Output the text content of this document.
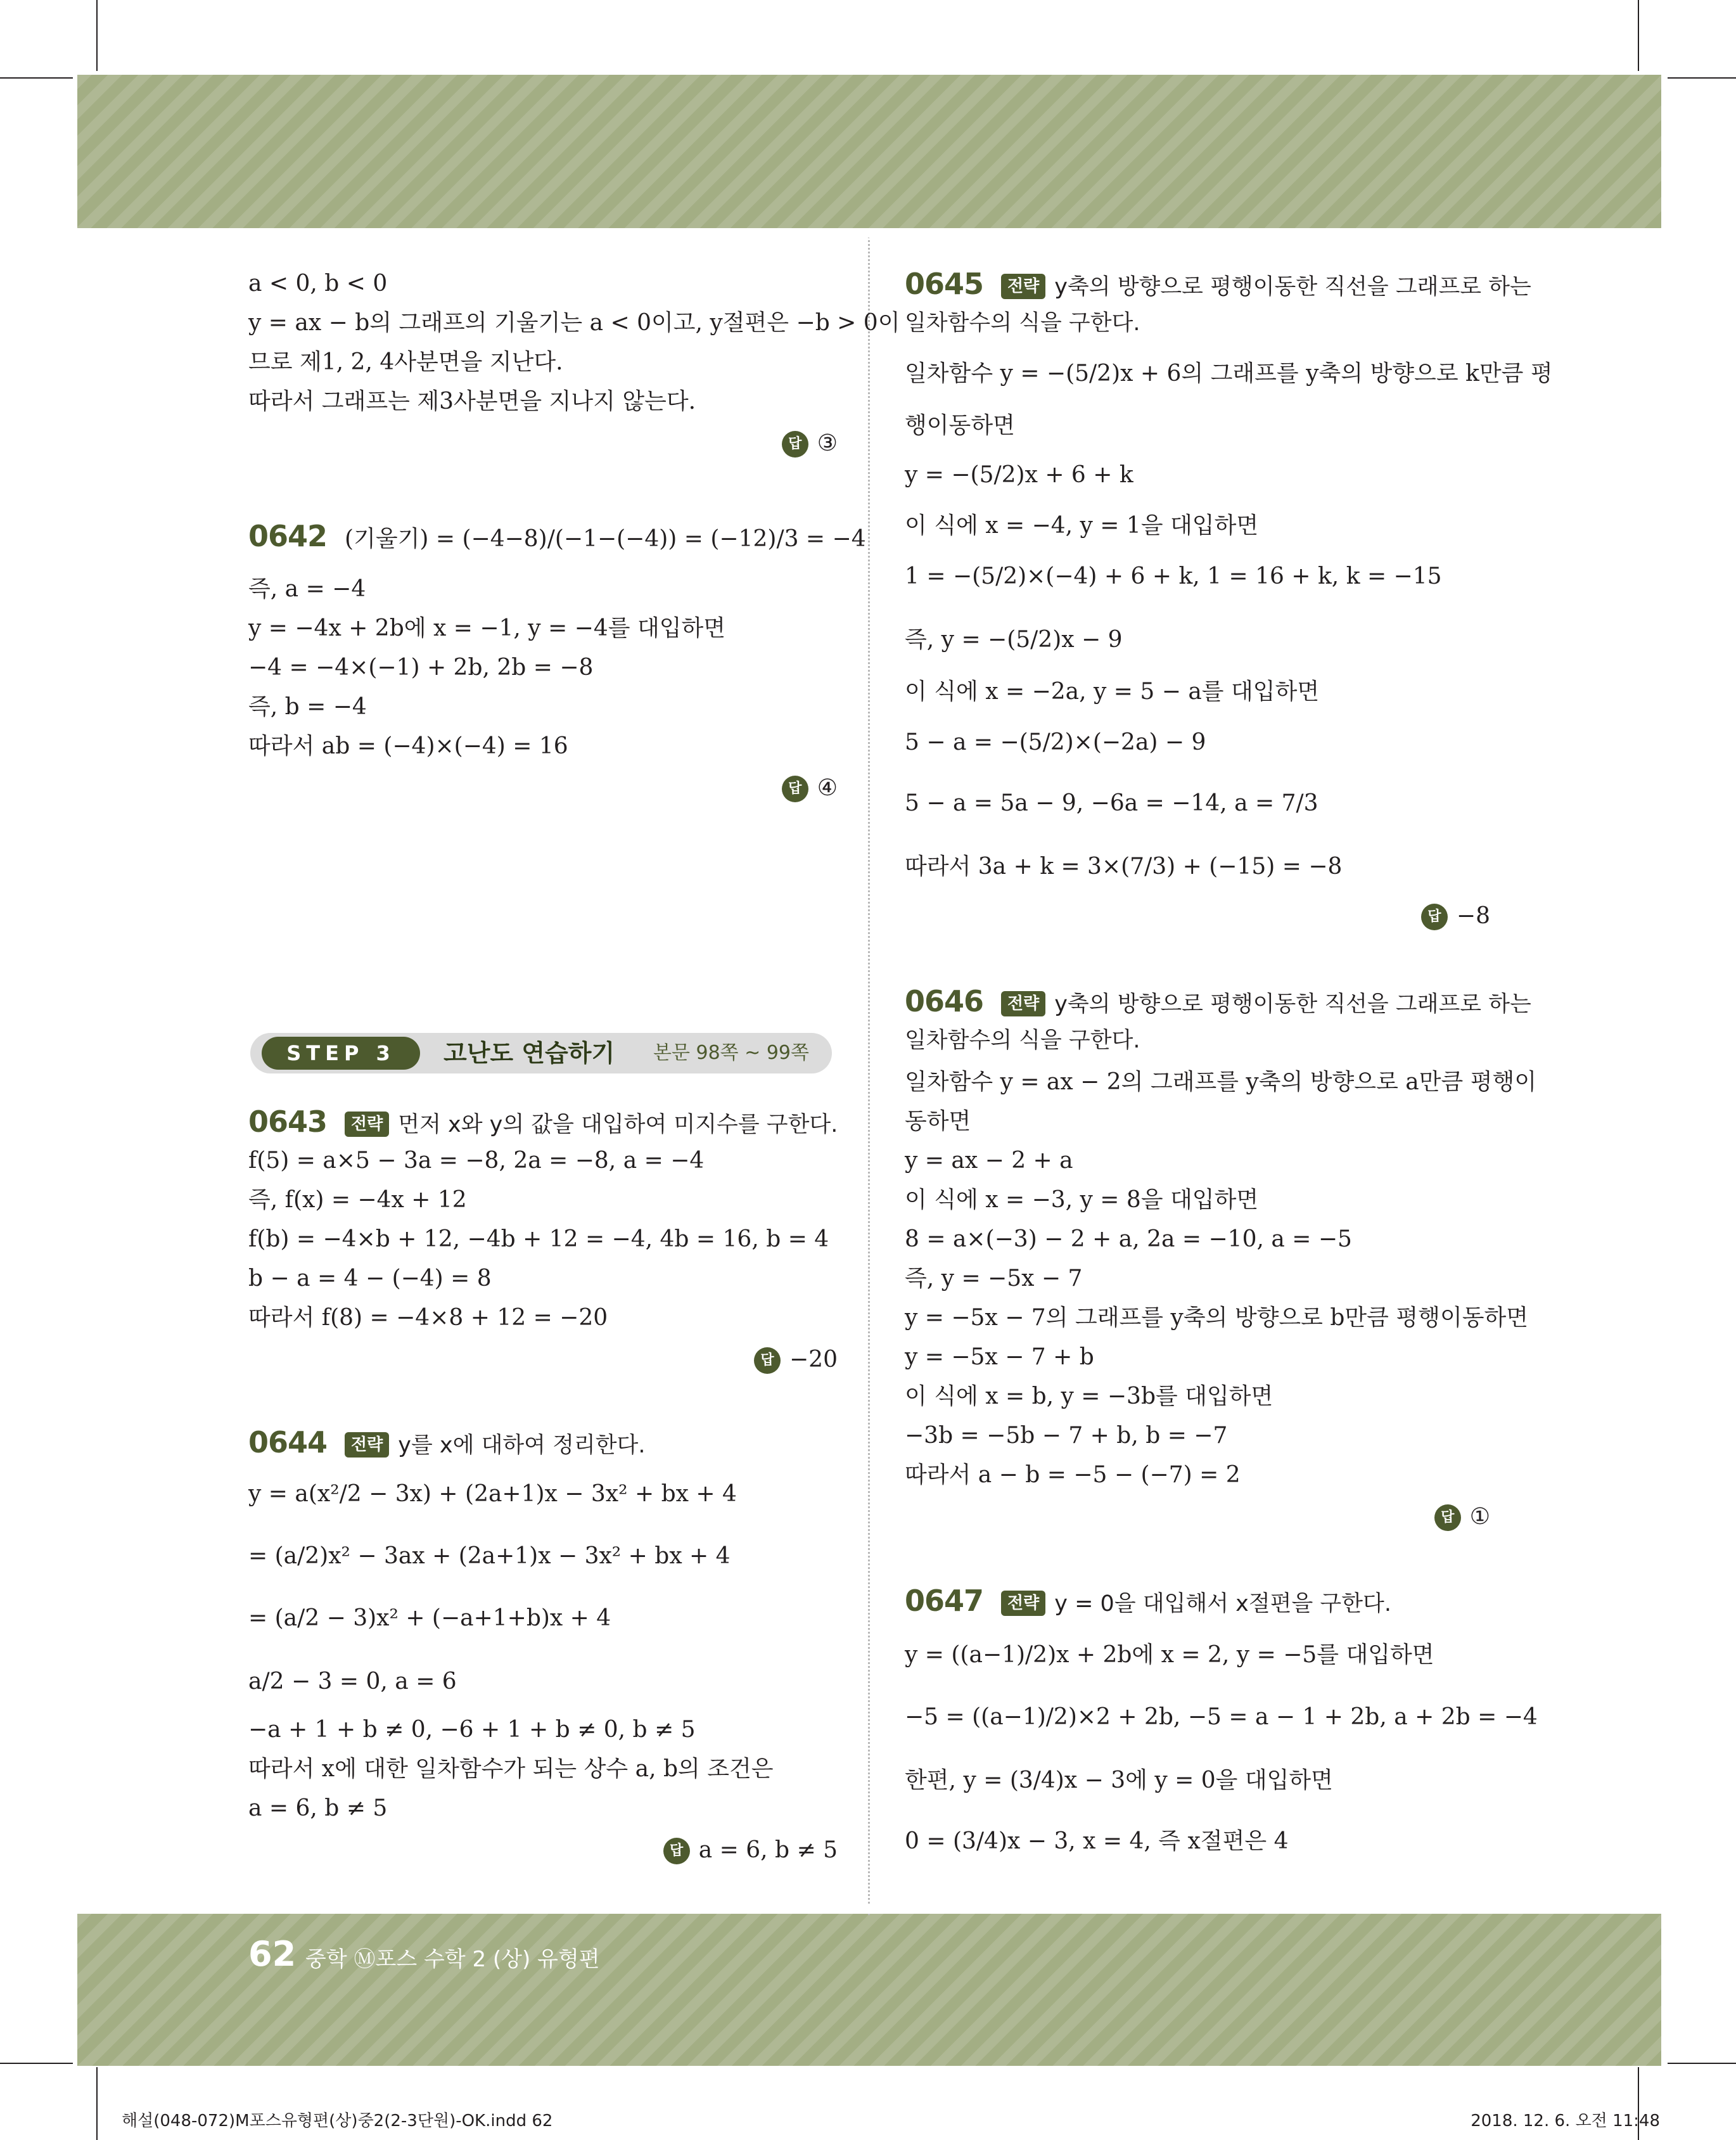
62 중학 Ⓜ포스 수학 2 (상) 유형편
a < 0, b < 0
y = ax − b의 그래프의 기울기는 a < 0이고, y절편은 −b > 0이
므로 제1, 2, 4사분면을 지난다.
따라서 그래프는 제3사분면을 지나지 않는다.
답 ③
0642 (기울기) = (−4−8)/(−1−(−4)) = (−12)/3 = −4
즉, a = −4
y = −4x + 2b에 x = −1, y = −4를 대입하면
−4 = −4×(−1) + 2b, 2b = −8
즉, b = −4
따라서 ab = (−4)×(−4) = 16
답 ④
0643 전략 먼저 x와 y의 값을 대입하여 미지수를 구한다.
f(5) = a×5 − 3a = −8, 2a = −8, a = −4
즉, f(x) = −4x + 12
f(b) = −4×b + 12, −4b + 12 = −4, 4b = 16, b = 4
b − a = 4 − (−4) = 8
따라서 f(8) = −4×8 + 12 = −20
답 −20
0644 전략 y를 x에 대하여 정리한다.
y = a(x²/2 − 3x) + (2a+1)x − 3x² + bx + 4
= (a/2)x² − 3ax + (2a+1)x − 3x² + bx + 4
= (a/2 − 3)x² + (−a+1+b)x + 4
a/2 − 3 = 0, a = 6
−a + 1 + b ≠ 0, −6 + 1 + b ≠ 0, b ≠ 5
따라서 x에 대한 일차함수가 되는 상수 a, b의 조건은
a = 6, b ≠ 5
답 a = 6, b ≠ 5
STEP 3	고난도 연습하기 본문 98쪽 ~ 99쪽
0645 전략 y축의 방향으로 평행이동한 직선을 그래프로 하는
일차함수의 식을 구한다.
일차함수 y = −(5/2)x + 6의 그래프를 y축의 방향으로 k만큼 평
행이동하면
y = −(5/2)x + 6 + k
이 식에 x = −4, y = 1을 대입하면
1 = −(5/2)×(−4) + 6 + k, 1 = 16 + k, k = −15
즉, y = −(5/2)x − 9
이 식에 x = −2a, y = 5 − a를 대입하면
5 − a = −(5/2)×(−2a) − 9
5 − a = 5a − 9, −6a = −14, a = 7/3
따라서 3a + k = 3×(7/3) + (−15) = −8
답 −8
0646 전략 y축의 방향으로 평행이동한 직선을 그래프로 하는
일차함수의 식을 구한다.
일차함수 y = ax − 2의 그래프를 y축의 방향으로 a만큼 평행이
동하면
y = ax − 2 + a
이 식에 x = −3, y = 8을 대입하면
8 = a×(−3) − 2 + a, 2a = −10, a = −5
즉, y = −5x − 7
y = −5x − 7의 그래프를 y축의 방향으로 b만큼 평행이동하면
y = −5x − 7 + b
이 식에 x = b, y = −3b를 대입하면
−3b = −5b − 7 + b, b = −7
따라서 a − b = −5 − (−7) = 2
답 ①
0647 전략 y = 0을 대입해서 x절편을 구한다.
y = ((a−1)/2)x + 2b에 x = 2, y = −5를 대입하면
−5 = ((a−1)/2)×2 + 2b, −5 = a − 1 + 2b, a + 2b = −4
한편, y = (3/4)x − 3에 y = 0을 대입하면
0 = (3/4)x − 3, x = 4, 즉 x절편은 4
해설(048-072)M포스유형편(상)중2(2-3단원)-OK.indd 62	2018. 12. 6. 오전 11:48
